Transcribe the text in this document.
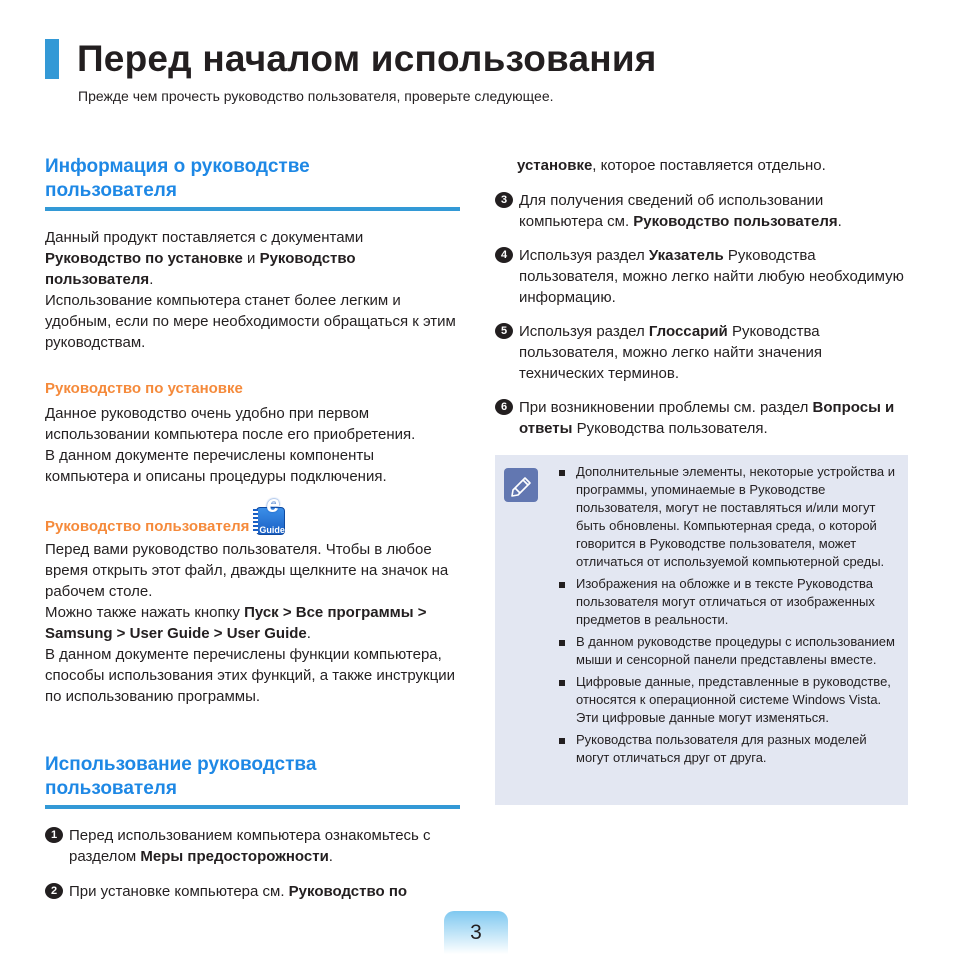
Перед началом использования

Прежде чем прочесть руководство пользователя, проверьте следующее.

Информация о руководстве
пользователя

Данный продукт поставляется с документами Руководство по установке и Руководство пользователя.

Использование компьютера станет более легким и удобным, если по мере необходимости обращаться к этим руководствам.

Руководство по установке

Данное руководство очень удобно при первом использовании компьютера после его приобретения.

В данном документе перечислены компоненты компьютера и описаны процедуры подключения.

Руководство пользователя
e
Guide

Перед вами руководство пользователя. Чтобы в любое время открыть этот файл, дважды щелкните на значок на рабочем столе.

Можно также нажать кнопку Пуск > Все программы > Samsung > User Guide > User Guide.

В данном документе перечислены функции компьютера, способы использования этих функций, а также инструкции по использованию программы.

Использование руководства
пользователя
1 Перед использованием компьютера ознакомьтесь с разделом Меры предосторожности.
2 При установке компьютера см. Руководство по
установке, которое поставляется отдельно.
3 Для получения сведений об использовании компьютера см. Руководство пользователя.
4 Используя раздел Указатель Руководства пользователя, можно легко найти любую необходимую информацию.
5 Используя раздел Глоссарий Руководства пользователя, можно легко найти значения технических терминов.
6 При возникновении проблемы см. раздел Вопросы и ответы Руководства пользователя.
Дополнительные элементы, некоторые устройства и программы, упоминаемые в Руководстве пользователя, могут не поставляться и/или могут быть обновлены. Компьютерная среда, о которой говорится в Руководстве пользователя, может отличаться от используемой компьютерной среды.
Изображения на обложке и в тексте Руководства пользователя могут отличаться от изображенных предметов в реальности.
В данном руководстве процедуры с использованием мыши и сенсорной панели представлены вместе.
Цифровые данные, представленные в руководстве, относятся к операционной системе Windows Vista. Эти цифровые данные могут изменяться.
Руководства пользователя для разных моделей могут отличаться друг от друга.
3
